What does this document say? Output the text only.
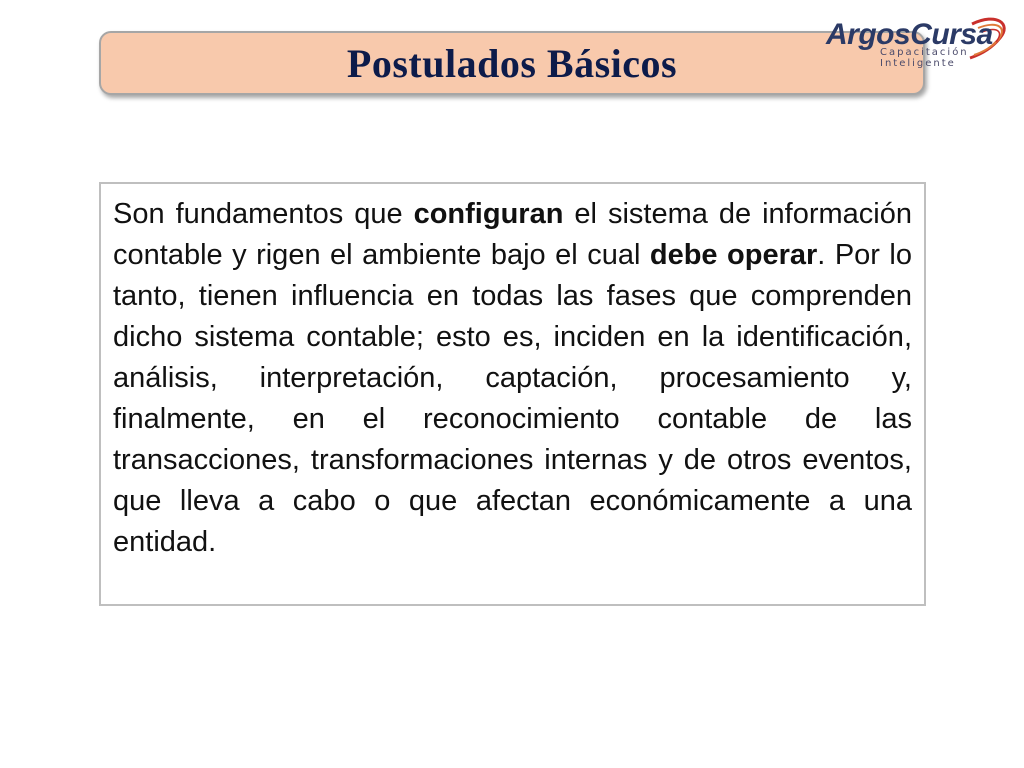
Postulados Básicos
ArgosCursa
Capacitación
Inteligente

Son fundamentos que configuran el sistema de información contable y rigen el ambiente bajo el cual debe operar. Por lo tanto, tienen influencia en todas las fases que comprenden dicho sistema contable; esto es, inciden en la identificación, análisis, interpretación, captación, procesamiento y, finalmente, en el reconocimiento contable de las transacciones, transformaciones internas y de otros eventos, que lleva a cabo o que afectan económicamente a una entidad.
